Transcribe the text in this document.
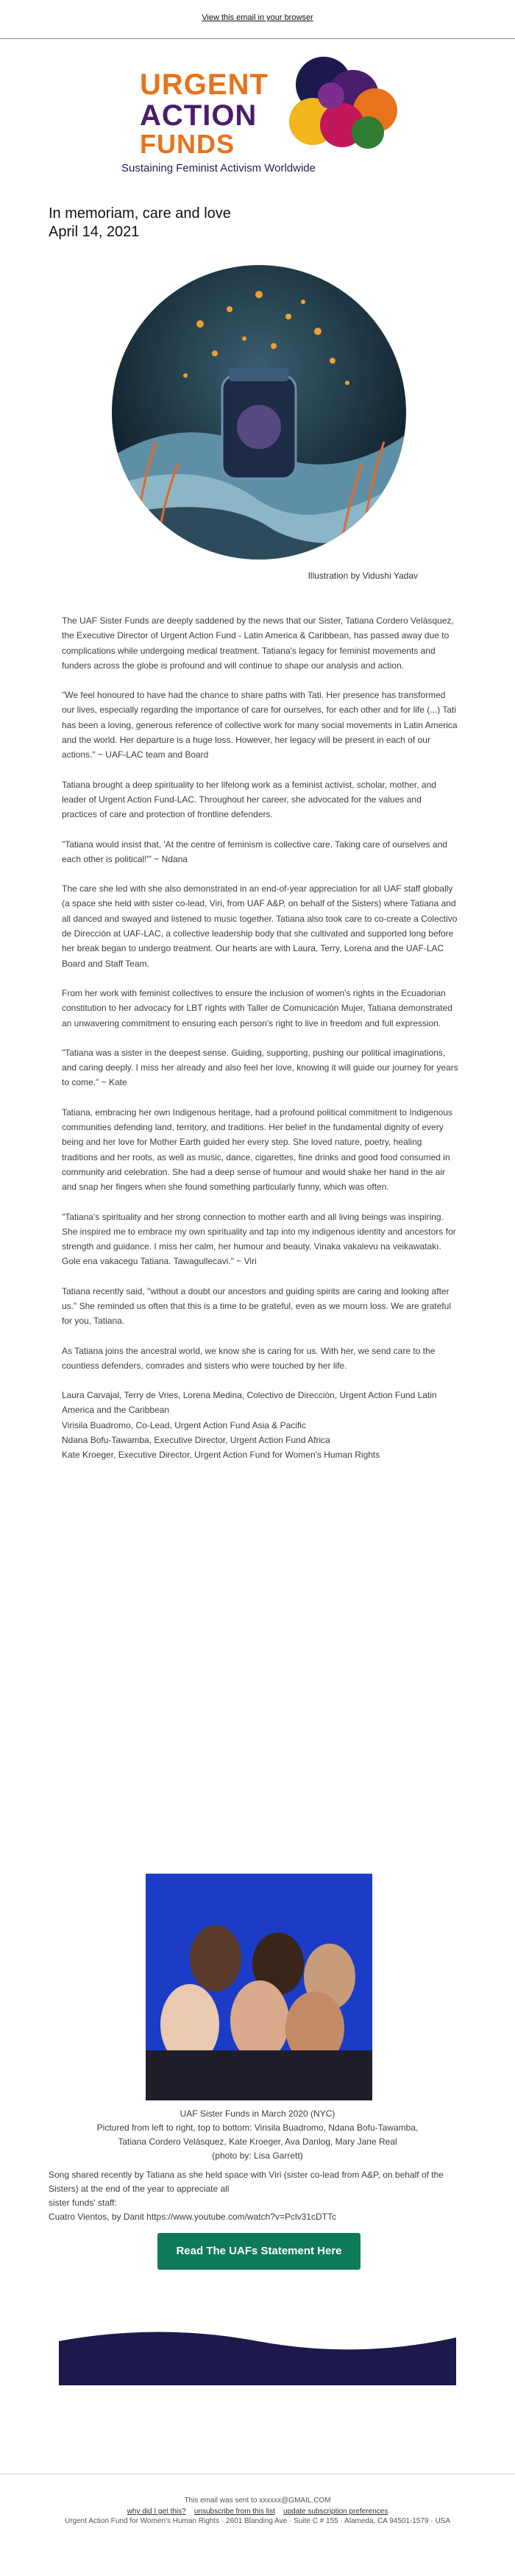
View this email in your browser
URGENT
ACTION
FUNDS
Sustaining Feminist Activism Worldwide
In memoriam, care and love
April 14, 2021
Illustration by Vidushi Yadav

The UAF Sister Funds are deeply saddened by the news that our Sister, Tatiana Cordero Velásquez, the Executive Director of Urgent Action Fund - Latin America & Caribbean, has passed away due to complications while undergoing medical treatment. Tatiana's legacy for feminist movements and funders across the globe is profound and will continue to shape our analysis and action.

"We feel honoured to have had the chance to share paths with Tati. Her presence has transformed our lives, especially regarding the importance of care for ourselves, for each other and for life (...) Tati has been a loving, generous reference of collective work for many social movements in Latin America and the world. Her departure is a huge loss. However, her legacy will be present in each of our actions." ~ UAF-LAC team and Board

Tatiana brought a deep spirituality to her lifelong work as a feminist activist, scholar, mother, and leader of Urgent Action Fund-LAC. Throughout her career, she advocated for the values and practices of care and protection of frontline defenders.

"Tatiana would insist that, 'At the centre of feminism is collective care. Taking care of ourselves and each other is political!'" ~ Ndana

The care she led with she also demonstrated in an end-of-year appreciation for all UAF staff globally (a space she held with sister co-lead, Viri, from UAF A&P, on behalf of the Sisters) where Tatiana and all danced and swayed and listened to music together. Tatiana also took care to co-create a Colectivo de Dirección at UAF-LAC, a collective leadership body that she cultivated and supported long before her break began to undergo treatment. Our hearts are with Laura, Terry, Lorena and the UAF-LAC Board and Staff Team.

From her work with feminist collectives to ensure the inclusion of women's rights in the Ecuadorian constitution to her advocacy for LBT rights with Taller de Comunicación Mujer, Tatiana demonstrated an unwavering commitment to ensuring each person's right to live in freedom and full expression.

"Tatiana was a sister in the deepest sense. Guiding, supporting, pushing our political imaginations, and caring deeply. I miss her already and also feel her love, knowing it will guide our journey for years to come." ~ Kate

Tatiana, embracing her own Indigenous heritage, had a profound political commitment to Indigenous communities defending land, territory, and traditions. Her belief in the fundamental dignity of every being and her love for Mother Earth guided her every step. She loved nature, poetry, healing traditions and her roots, as well as music, dance, cigarettes, fine drinks and good food consumed in community and celebration. She had a deep sense of humour and would shake her hand in the air and snap her fingers when she found something particularly funny, which was often.

"Tatiana's spirituality and her strong connection to mother earth and all living beings was inspiring. She inspired me to embrace my own spirituality and tap into my indigenous identity and ancestors for strength and guidance. I miss her calm, her humour and beauty. Vinaka vakalevu na veikawatakı. Gole ena vakacegu Tatiana. Tawagullecavi." ~ Viri

Tatiana recently said, "without a doubt our ancestors and guiding spirits are caring and looking after us." She reminded us often that this is a time to be grateful, even as we mourn loss. We are grateful for you, Tatiana.

As Tatiana joins the ancestral world, we know she is caring for us. With her, we send care to the countless defenders, comrades and sisters who were touched by her life.

Laura Carvajal, Terry de Vries, Lorena Medina, Colectivo de Dirección, Urgent Action Fund Latin America and the Caribbean
Virisila Buadromo, Co-Lead, Urgent Action Fund Asia & Pacific
Ndana Bofu-Tawamba, Executive Director, Urgent Action Fund Africa
Kate Kroeger, Executive Director, Urgent Action Fund for Women's Human Rights
UAF Sister Funds in March 2020 (NYC)
Pictured from left to right, top to bottom: Virisila Buadromo, Ndana Bofu-Tawamba, Tatiana Cordero Velásquez, Kate Kroeger, Ava Danlog, Mary Jane Real
(photo by: Lisa Garrett)
Song shared recently by Tatiana as she held space with Viri (sister co-lead from A&P, on behalf of the Sisters) at the end of the year to appreciate all
sister funds' staff:
Cuatro Vientos, by Danit https://www.youtube.com/watch?v=Pclv31cDTTc
Read The UAFs Statement Here
This email was sent to xxxxxx@GMAIL.COM
why did I get this? unsubscribe from this list update subscription preferences
Urgent Action Fund for Women's Human Rights · 2601 Blanding Ave · Suite C # 155 · Alameda, CA 94501-1579 · USA
